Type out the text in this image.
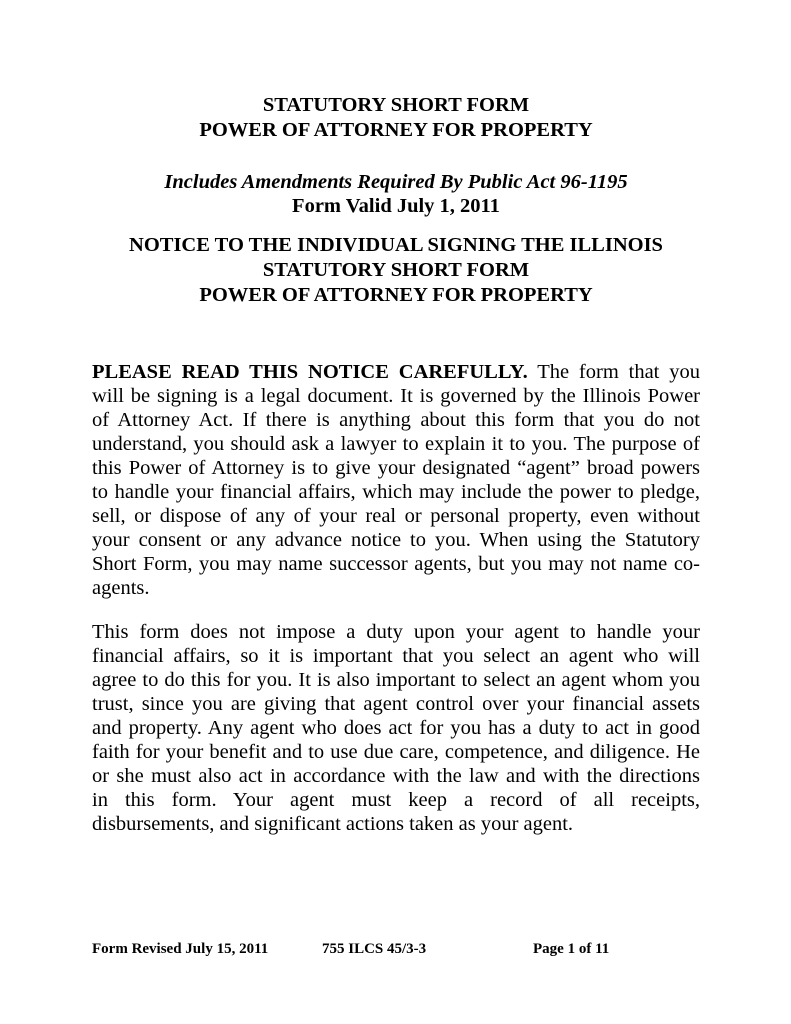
STATUTORY SHORT FORM
POWER OF ATTORNEY FOR PROPERTY
Includes Amendments Required By Public Act 96-1195
Form Valid July 1, 2011
NOTICE TO THE INDIVIDUAL SIGNING THE ILLINOIS
STATUTORY SHORT FORM
POWER OF ATTORNEY FOR PROPERTY
PLEASE READ THIS NOTICE CAREFULLY. The form that you
will be signing is a legal document. It is governed by the Illinois Power
of Attorney Act. If there is anything about this form that you do not
understand, you should ask a lawyer to explain it to you. The purpose of
this Power of Attorney is to give your designated “agent” broad powers
to handle your financial affairs, which may include the power to pledge,
sell, or dispose of any of your real or personal property, even without
your consent or any advance notice to you. When using the Statutory
Short Form, you may name successor agents, but you may not name co-
agents.
This form does not impose a duty upon your agent to handle your
financial affairs, so it is important that you select an agent who will
agree to do this for you. It is also important to select an agent whom you
trust, since you are giving that agent control over your financial assets
and property. Any agent who does act for you has a duty to act in good
faith for your benefit and to use due care, competence, and diligence. He
or she must also act in accordance with the law and with the directions
in this form. Your agent must keep a record of all receipts,
disbursements, and significant actions taken as your agent.
Form Revised July 15, 2011	755 ILCS 45/3-3	Page 1 of 11
